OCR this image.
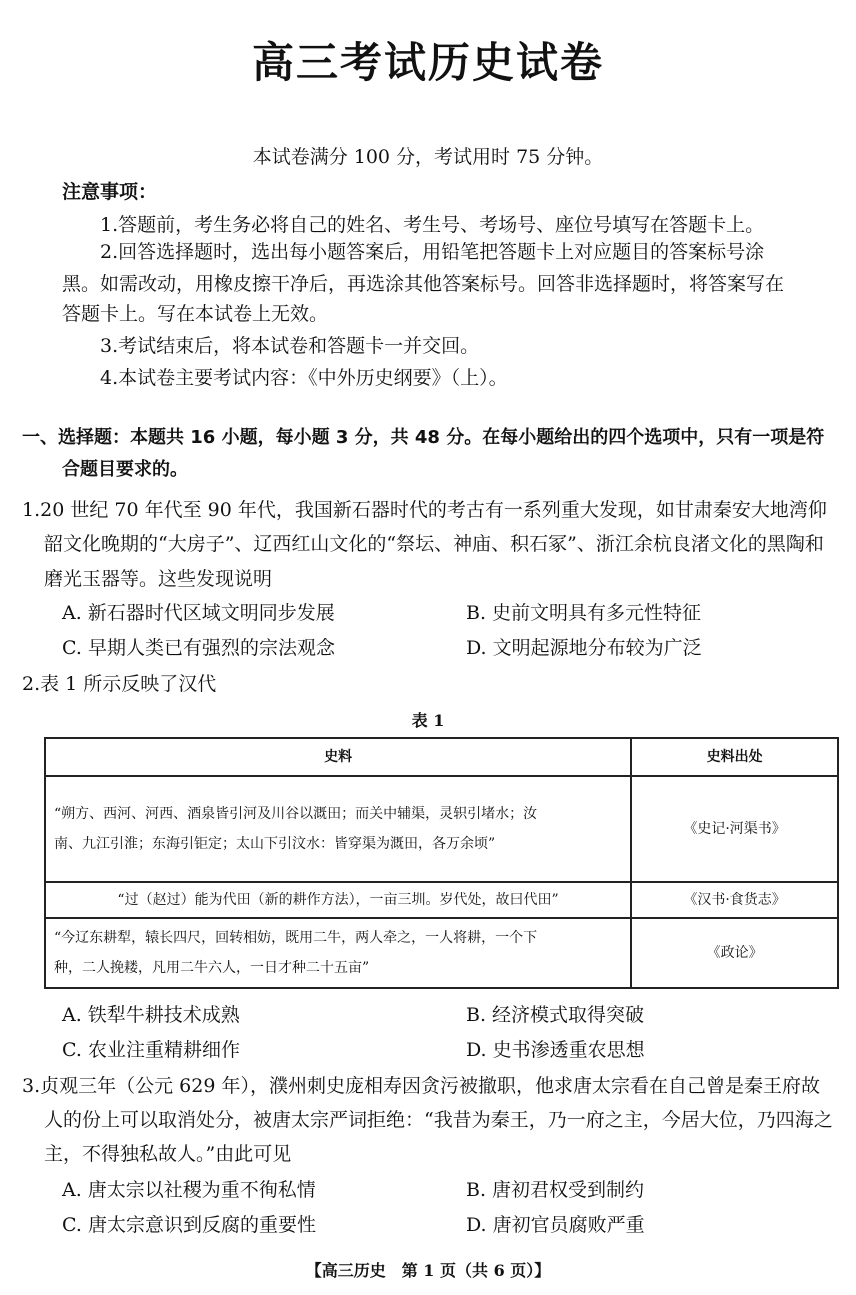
高三考试历史试卷
本试卷满分 100 分，考试用时 75 分钟。
注意事项：
1.答题前，考生务必将自己的姓名、考生号、考场号、座位号填写在答题卡上。
2.回答选择题时，选出每小题答案后，用铅笔把答题卡上对应题目的答案标号涂
黑。如需改动，用橡皮擦干净后，再选涂其他答案标号。回答非选择题时，将答案写在
答题卡上。写在本试卷上无效。
3.考试结束后，将本试卷和答题卡一并交回。
4.本试卷主要考试内容：《中外历史纲要》（上）。
一、选择题：本题共 16 小题，每小题 3 分，共 48 分。在每小题给出的四个选项中，只有一项是符
合题目要求的。
1.20 世纪 70 年代至 90 年代，我国新石器时代的考古有一系列重大发现，如甘肃秦安大地湾仰
韶文化晚期的“大房子”、辽西红山文化的“祭坛、神庙、积石冢”、浙江余杭良渚文化的黑陶和
磨光玉器等。这些发现说明
A. 新石器时代区域文明同步发展	B. 史前文明具有多元性特征
C. 早期人类已有强烈的宗法观念	D. 文明起源地分布较为广泛
2.表 1 所示反映了汉代
表 1
史料	史料出处

“朔方、西河、河西、酒泉皆引河及川谷以溉田；而关中辅渠，灵轵引堵水；汝
南、九江引淮；东海引钜定；太山下引汶水：皆穿渠为溉田，各万余顷”	《史记·河渠书》

“过（赵过）能为代田（新的耕作方法），一亩三圳。岁代处，故曰代田”	《汉书·食货志》

“今辽东耕犁，辕长四尺，回转相妨，既用二牛，两人牵之，一人将耕，一个下
种，二人挽耧，凡用二牛六人，一日才种二十五亩”	《政论》
A. 铁犁牛耕技术成熟	B. 经济模式取得突破
C. 农业注重精耕细作	D. 史书渗透重农思想
3.贞观三年（公元 629 年），濮州刺史庞相寿因贪污被撤职，他求唐太宗看在自己曾是秦王府故
人的份上可以取消处分，被唐太宗严词拒绝：“我昔为秦王，乃一府之主，今居大位，乃四海之
主，不得独私故人。”由此可见
A. 唐太宗以社稷为重不徇私情	B. 唐初君权受到制约
C. 唐太宗意识到反腐的重要性	D. 唐初官员腐败严重
【高三历史　第 1 页（共 6 页）】
